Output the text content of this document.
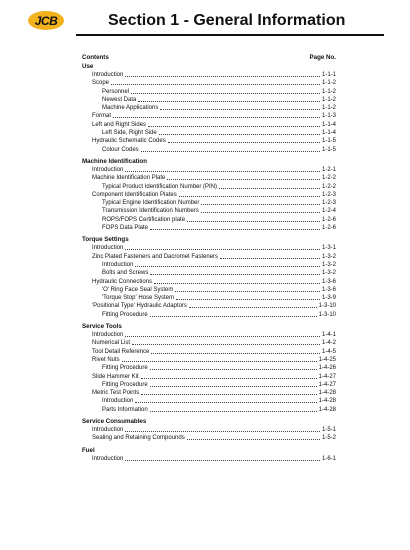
JCB	Section 1 - General Information
Contents	Page No.
Use
Introduction	1-1-1
Scope	1-1-2
Personnel	1-1-2
Newest Data	1-1-2
Machine Applications	1-1-2
Format	1-1-3
Left and Right Sides	1-1-4
Left Side, Right Side	1-1-4
Hydraulic Schematic Codes	1-1-5
Colour Codes	1-1-5
Machine Identification
Introduction	1-2-1
Machine Identification Plate	1-2-2
Typical Product Identification Number (PIN)	1-2-2
Component Identification Plates	1-2-3
Typical Engine Identification Number	1-2-3
Transmission Identification Numbers	1-2-4
ROPS/FOPS Certification plate	1-2-6
FOPS Data Plate	1-2-6
Torque Settings
Introduction	1-3-1
Zinc Plated Fasteners and Dacromet Fasteners	1-3-2
Introduction	1-3-2
Bolts and Screws	1-3-2
Hydraulic Connections	1-3-6
'O' Ring Face Seal System	1-3-6
'Torque Stop' Hose System	1-3-9
'Positional Type' Hydraulic Adaptors	1-3-10
Fitting Procedure	1-3-10
Service Tools
Introduction	1-4-1
Numerical List	1-4-2
Tool Detail Reference	1-4-5
Rivet Nuts	1-4-25
Fitting Procedure	1-4-26
Slide Hammer Kit	1-4-27
Fitting Procedure	1-4-27
Metric Test Points	1-4-28
Introduction	1-4-28
Parts Information	1-4-28
Service Consumables
Introduction	1-5-1
Sealing and Retaining Compounds	1-5-2
Fuel
Introduction	1-6-1
